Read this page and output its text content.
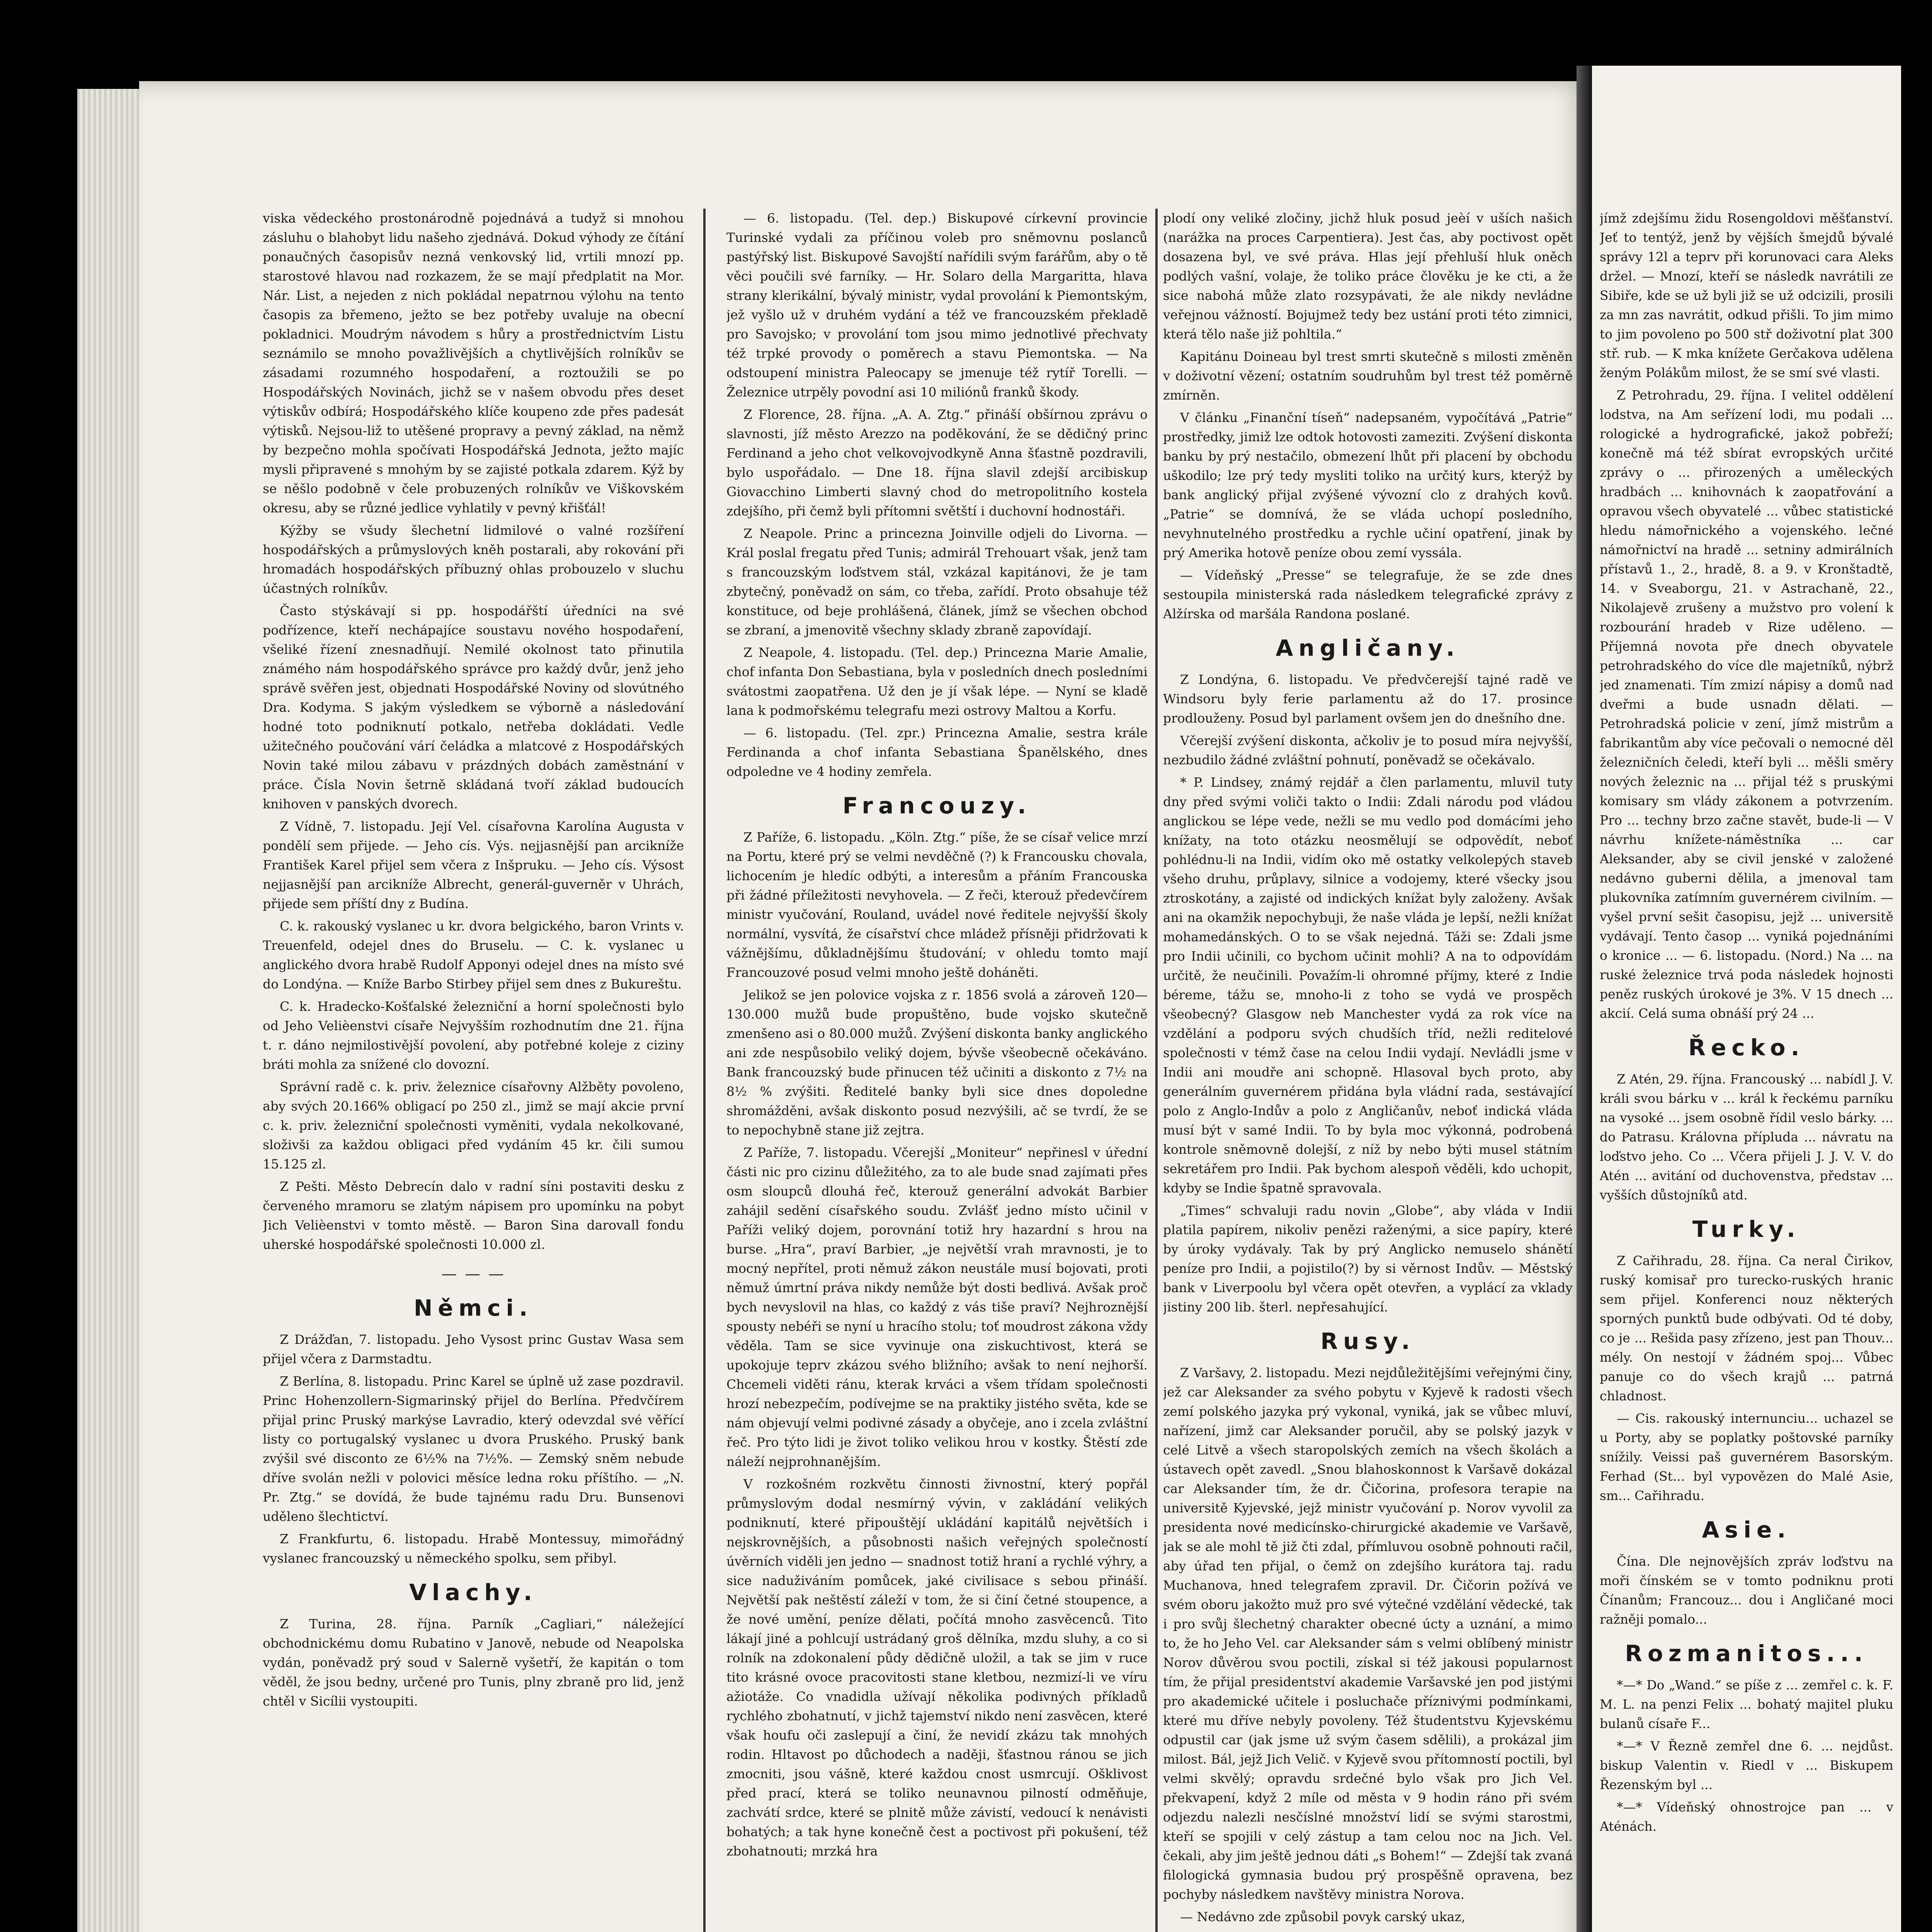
viska vědeckého prostonárodně pojednává a tudyž si mnohou zásluhu o blahobyt lidu našeho zjednává. Dokud výhody ze čítání ponaučných časopisův nezná venkovský lid, vrtili mnozí pp. starostové hlavou nad rozkazem, že se mají předplatit na Mor. Nár. List, a nejeden z nich pokládal nepatrnou výlohu na tento časopis za břemeno, ježto se bez potřeby uvaluje na obecní pokladnici. Moudrým návodem s hůry a prostřednictvím Listu seznámilo se mnoho považlivějších a chytlivějších rolníkův se zásadami rozumného hospodaření, a roztoužili se po Hospodářských Novinách, jichž se v našem obvodu přes deset výtiskův odbírá; Hospodářského klíče koupeno zde přes padesát výtisků. Nejsou-liž to utěšené propravy a pevný základ, na němž by bezpečno mohla spočívati Hospodářská Jednota, ježto majíc mysli připravené s mnohým by se zajisté potkala zdarem. Kýž by se něšlo podobně v čele probuzených rolníkův ve Viškovském okresu, aby se různé jedlice vyhlatily v pevný křišťál!

Kýžby se všudy šlechetní lidmilové o valné rozšíření hospodářských a průmyslových kněh postarali, aby rokování při hromadách hospodářských příbuzný ohlas probouzelo v sluchu účastných rolníkův.

Často stýskávají si pp. hospodářští úředníci na své podřízence, kteří nechápajíce soustavu nového hospodaření, všeliké řízení znesnadňují. Nemilé okolnost tato přinutila známého nám hospodářského správce pro každý dvůr, jenž jeho správě svěřen jest, objednati Hospodářské Noviny od slovútného Dra. Kodyma. S jakým výsledkem se výborně a následování hodné toto podniknutí potkalo, netřeba dokládati. Vedle užitečného poučování várí čeládka a mlatcové z Hospodářských Novin také milou zábavu v prázdných dobách zaměstnání v práce. Čísla Novin šetrně skládaná tvoří základ budoucích knihoven v panských dvorech.

Z Vídně, 7. listopadu. Její Vel. císařovna Karolína Augusta v pondělí sem přijede. — Jeho cís. Výs. nejjasnější pan arcikníže František Karel přijel sem včera z Inšpruku. — Jeho cís. Výsost nejjasnější pan arcikníže Albrecht, generál-guverněr v Uhrách, přijede sem příští dny z Budína.

C. k. rakouský vyslanec u kr. dvora belgického, baron Vrints v. Treuenfeld, odejel dnes do Bruselu. — C. k. vyslanec u anglického dvora hrabě Rudolf Apponyi odejel dnes na místo své do Londýna. — Kníže Barbo Stirbey přijel sem dnes z Bukureštu.

C. k. Hradecko-Košťalské železniční a horní společnosti bylo od Jeho Velièenstvi císaře Nejvyšším rozhodnutím dne 21. října t. r. dáno nejmilostivější povolení, aby potřebné koleje z ciziny bráti mohla za snížené clo dovozní.

Správní radě c. k. priv. železnice císařovny Alžběty povoleno, aby svých 20.166% obligací po 250 zl., jimž se mají akcie první c. k. priv. železniční společnosti vyměniti, vydala nekolkované, složivši za každou obligaci před vydáním 45 kr. čili sumou 15.125 zl.

Z Pešti. Město Debrecín dalo v radní síni postaviti desku z červeného mramoru se zlatým nápisem pro upomínku na pobyt Jich Velièenstvi v tomto městě. — Baron Sina darovall fondu uherské hospodářské společnosti 10.000 zl.

— — —
Němci.

Z Drážďan, 7. listopadu. Jeho Vysost princ Gustav Wasa sem přijel včera z Darmstadtu.

Z Berlína, 8. listopadu. Princ Karel se úplně už zase pozdravil. Princ Hohenzollern-Sigmarinský přijel do Berlína. Předvčírem přijal princ Pruský markýse Lavradio, který odevzdal své věřící listy co portugalský vyslanec u dvora Pruského. Pruský bank zvýšil své disconto ze 6½% na 7½%. — Zemský sněm nebude dříve svolán nežli v polovici měsíce ledna roku příštího. — „N. Pr. Ztg.“ se dovídá, že bude tajnému radu Dru. Bunsenovi uděleno šlechtictví.

Z Frankfurtu, 6. listopadu. Hrabě Montessuy, mimořádný vyslanec francouzský u německého spolku, sem přibyl.

Vlachy.

Z Turina, 28. října. Parník „Cagliari,“ náležející obchodnickému domu Rubatino v Janově, nebude od Neapolska vydán, poněvadž prý soud v Salerně vyšetří, že kapitán o tom věděl, že jsou bedny, určené pro Tunis, plny zbraně pro lid, jenž chtěl v Sicílii vystoupiti.

— 6. listopadu. (Tel. dep.) Biskupové církevní provincie Turinské vydali za příčinou voleb pro sněmovnu poslanců pastýřský list. Biskupové Savojští nařídili svým farářům, aby o tě věci poučili své farníky. — Hr. Solaro della Margaritta, hlava strany klerikální, bývalý ministr, vydal provolání k Piemontským, jež vyšlo už v druhém vydání a též ve francouzském překladě pro Savojsko; v provolání tom jsou mimo jednotlivé přechvaty též trpké provody o poměrech a stavu Piemontska. — Na odstoupení ministra Paleocapy se jmenuje též rytíř Torelli. — Železnice utrpěly povodní asi 10 miliónů franků škody.

Z Florence, 28. října. „A. A. Ztg.“ přináší obšírnou zprávu o slavnosti, jíž město Arezzo na poděkování, že se dědičný princ Ferdinand a jeho chot velkovojvodkyně Anna šťastně pozdravili, bylo uspořádalo. — Dne 18. října slavil zdejší arcibiskup Giovacchino Limberti slavný chod do metropolitního kostela zdejšího, při čemž byli přítomni světští i duchovní hodnostáři.

Z Neapole. Princ a princezna Joinville odjeli do Livorna. — Král poslal fregatu před Tunis; admirál Trehouart však, jenž tam s francouzským loďstvem stál, vzkázal kapitánovi, že je tam zbytečný, poněvadž on sám, co třeba, zařídí. Proto obsahuje též konstituce, od beje prohlášená, článek, jímž se všechen obchod se zbraní, a jmenovitě všechny sklady zbraně zapovídají.

Z Neapole, 4. listopadu. (Tel. dep.) Princezna Marie Amalie, chof infanta Don Sebastiana, byla v posledních dnech posledními svátostmi zaopatřena. Už den je jí však lépe. — Nyní se kladě lana k podmořskému telegrafu mezi ostrovy Maltou a Korfu.

— 6. listopadu. (Tel. zpr.) Princezna Amalie, sestra krále Ferdinanda a chof infanta Sebastiana Španělského, dnes odpoledne ve 4 hodiny zemřela.

Francouzy.

Z Paříže, 6. listopadu. „Köln. Ztg.“ píše, že se císař velice mrzí na Portu, které prý se velmi nevděčně (?) k Francousku chovala, lichocením je hledíc odbýti, a interesům a přáním Francouska při žádné příležitosti nevyhovela. — Z řeči, kterouž předevčírem ministr vyučování, Rouland, uvádel nové ředitele nejvyšší školy normální, vysvítá, že císařství chce mládež přísněji přidržovati k vážnějšímu, důkladnějšímu študování; v ohledu tomto mají Francouzové posud velmi mnoho ještě doháněti.

Jelikož se jen polovice vojska z r. 1856 svolá a zároveň 120—130.000 mužů bude propuštěno, bude vojsko skutečně zmenšeno asi o 80.000 mužů. Zvýšení diskonta banky anglického ani zde nespůsobilo veliký dojem, bývše všeobecně očekáváno. Bank francouzský bude přinucen též učiniti a diskonto z 7½ na 8½ % zvýšiti. Ředitelé banky byli sice dnes dopoledne shromážděni, avšak diskonto posud nezvýšili, ač se tvrdí, že se to nepochybně stane již zejtra.

Z Paříže, 7. listopadu. Včerejší „Moniteur“ nepřinesl v úřední části nic pro cizinu důležitého, za to ale bude snad zajímati přes osm sloupců dlouhá řeč, kterouž generální advokát Barbier zahájil sedění císařského soudu. Zvlášť jedno místo učinil v Paříži veliký dojem, porovnání totiž hry hazardní s hrou na burse. „Hra“, praví Barbier, „je největší vrah mravnosti, je to mocný nepřítel, proti němuž zákon neustále musí bojovati, proti němuž úmrtní práva nikdy nemůže být dosti bedlivá. Avšak proč bych nevyslovil na hlas, co každý z vás tiše praví? Nejhroznější spousty nebéři se nyní u hracího stolu; toť moudrost zákona vždy věděla. Tam se sice vyvinuje ona ziskuchtivost, která se upokojuje teprv zkázou svého bližního; avšak to není nejhorší. Chcemeli viděti ránu, kterak krváci a všem třídam společnosti hrozí nebezpečím, podívejme se na praktiky jistého světa, kde se nám objevují velmi podivné zásady a obyčeje, ano i zcela zvláštní řeč. Pro týto lidi je život toliko velikou hrou v kostky. Štěstí zde náleží nejprohnanějším.

V rozkošném rozkvětu činnosti živnostní, který popřál průmyslovým dodal nesmírný vývin, v zakládání velikých podniknutí, které připouštějí ukládání kapitálů největších i nejskrovnějších, a působnosti našich veřejných společností úvěrních viděli jen jedno — snadnost totiž hraní a rychlé výhry, a sice naduživáním pomůcek, jaké civilisace s sebou přináší. Největší pak neštěstí záleží v tom, že si činí četné stoupence, a že nové umění, peníze dělati, počítá mnoho zasvěcenců. Tito lákají jiné a pohlcují ustrádaný groš dělníka, mzdu sluhy, a co si rolník na zdokonalení půdy dědičně uložil, a tak se jim v ruce tito krásné ovoce pracovitosti stane kletbou, nezmizí-li ve víru ažiotáže. Co vnadidla užívají několika podivných příkladů rychlého zbohatnutí, v jichž tajemství nikdo není zasvěcen, které však houfu oči zaslepují a činí, že nevidí zkázu tak mnohých rodin. Hltavost po důchodech a naději, šťastnou ránou se jich zmocniti, jsou vášně, které každou cnost usmrcují. Ošklivost před prací, která se toliko neunavnou pilností odměňuje, zachvátí srdce, které se plnitě může závistí, vedoucí k nenávisti bohatých; a tak hyne konečně čest a poctivost při pokušení, též zbohatnouti; mrzká hra

plodí ony veliké zločiny, jichž hluk posud jeèí v uších našich (narážka na proces Carpentiera). Jest čas, aby poctivost opět dosazena byl, ve své práva. Hlas její přehluší hluk oněch podlých vašní, volaje, že toliko práce člověku je ke cti, a že sice nabohá může zlato rozsypávati, že ale nikdy nevládne veřejnou vážností. Bojujmež tedy bez ustání proti této zimnici, která tělo naše již pohltila.“

Kapitánu Doineau byl trest smrti skutečně s milosti změněn v doživotní vězení; ostatním soudruhům byl trest též poměrně zmírněn.

V článku „Finanční tíseň“ nadepsaném, vypočítává „Patrie“ prostředky, jimiž lze odtok hotovosti zameziti. Zvýšení diskonta banku by prý nestačilo, obmezení lhůt při placení by obchodu uškodilo; lze prý tedy mysliti toliko na určitý kurs, kterýž by bank anglický přijal zvýšené vývozní clo z drahých kovů. „Patrie“ se domnívá, že se vláda uchopí posledního, nevyhnutelného prostředku a rychle učiní opatření, jinak by prý Amerika hotově peníze obou zemí vyssála.

— Vídeňský „Presse“ se telegrafuje, že se zde dnes sestoupila ministerská rada následkem telegrafické zprávy z Alžírska od maršála Randona poslané.

Angličany.

Z Londýna, 6. listopadu. Ve předvčerejší tajné radě ve Windsoru byly ferie parlamentu až do 17. prosince prodlouženy. Posud byl parlament ovšem jen do dnešního dne.

Včerejší zvýšení diskonta, ačkoliv je to posud míra nejvyšší, nezbudilo žádné zvláštní pohnutí, poněvadž se očekávalo.

* P. Lindsey, známý rejdář a člen parlamentu, mluvil tuty dny před svými voliči takto o Indii: Zdali národu pod vládou anglickou se lépe vede, nežli se mu vedlo pod domácími jeho knížaty, na toto otázku neosmělují se odpovědít, neboť pohlédnu-li na Indii, vidím oko mě ostatky velkolepých staveb všeho druhu, průplavy, silnice a vodojemy, které všecky jsou ztroskotány, a zajisté od indických knížat byly založeny. Avšak ani na okamžik nepochybuji, že naše vláda je lepší, nežli knížat mohamedánských. O to se však nejedná. Táži se: Zdali jsme pro Indii učinili, co bychom učinit mohli? A na to odpovídám určitě, že neučinili. Považím-li ohromné příjmy, které z Indie béreme, tážu se, mnoho-li z toho se vydá ve prospěch všeobecný? Glasgow neb Manchester vydá za rok více na vzdělání a podporu svých chudších tříd, nežli reditelové společnosti v témž čase na celou Indii vydají. Nevládli jsme v Indii ani moudře ani schopně. Hlasoval bych proto, aby generálním guvernérem přidána byla vládní rada, sestávající polo z Anglo-Indův a polo z Angličanův, neboť indická vláda musí být v samé Indii. To by byla moc výkonná, podrobená kontrole sněmovně dolejší, z níž by nebo býti musel státním sekretářem pro Indii. Pak bychom alespoň věděli, kdo uchopit, kdyby se Indie špatně spravovala.

„Times“ schvaluji radu novin „Globe“, aby vláda v Indii platila papírem, nikoliv penězi raženými, a sice papíry, které by úroky vydávaly. Tak by prý Anglicko nemuselo shánětí peníze pro Indii, a pojistilo(?) by si věrnost Indův. — Městský bank v Liverpoolu byl včera opět otevřen, a vyplácí za vklady jistiny 200 lib. šterl. nepřesahující.

Rusy.

Z Varšavy, 2. listopadu. Mezi nejdůležitějšími veřejnými činy, jež car Aleksander za svého pobytu v Kyjevě k radosti všech zemí polského jazyka prý vykonal, vyniká, jak se vůbec mluví, nařízení, jimž car Aleksander poručil, aby se polský jazyk v celé Litvě a všech staropolských zemích na všech školách a ústavech opět zavedl. „Snou blahoskonnost k Varšavě dokázal car Aleksander tím, že dr. Čičorina, profesora terapie na universitě Kyjevské, jejž ministr vyučování p. Norov vyvolil za presidenta nové medicínsko-chirurgické akademie ve Varšavě, jak se ale mohl tě již čti zdal, přímluvou osobně pohnouti račil, aby úřad ten přijal, o čemž on zdejšího kurátora taj. radu Muchanova, hned telegrafem zpravil. Dr. Čičorin požívá ve svém oboru jakožto muž pro své výtečné vzdělání vědecké, tak i pro svůj šlechetný charakter obecné úcty a uznání, a mimo to, že ho Jeho Vel. car Aleksander sám s velmi oblíbený ministr Norov důvěrou svou poctili, získal si též jakousi popularnost tím, že přijal presidentství akademie Varšavské jen pod jistými pro akademické učitele i posluchače příznivými podmínkami, které mu dříve nebyly povoleny. Též študentstvu Kyjevskému odpustil car (jak jsme už svým časem sdělili), a prokázal jim milost. Bál, jejž Jich Velič. v Kyjevě svou přítomností poctili, byl velmi skvělý; opravdu srdečné bylo však pro Jich Vel. překvapení, když 2 míle od města v 9 hodin ráno při svém odjezdu nalezli nesčíslné množství lidí se svými starostmi, kteří se spojili v celý zástup a tam celou noc na Jich. Vel. čekali, aby jim ještě jednou dáti „s Bohem!“ — Zdejší tak zvaná filologická gymnasia budou prý prospěšně opravena, bez pochyby následkem navštěvy ministra Norova.

— Nedávno zde způsobil povyk carský ukaz,

jímž zdejšímu židu Rosengoldovi měšťanství. Jeť to tentýž, jenž by vějších šmejdů bývalé správy 12l a teprv při korunovaci cara Aleks držel. — Mnozí, kteří se následk navrátili ze Sibiře, kde se už byli již se už odcizili, prosili za mn zas navrátit, odkud přišli. To jim mimo to jim povoleno po 500 stř doživotní plat 300 stř. rub. — K mka knížete Gerčakova udělena ženým Polákům milost, že se smí své vlasti.

Z Petrohradu, 29. října. I velitel oddělení lodstva, na Am seřízení lodi, mu podali ... rologické a hydrografické, jakož pobřeží; konečně má též sbírat evropských určité zprávy o ... přirozených a uměleckých hradbách ... knihovnách k zaopatřování a opravou všech obyvatelé ... vůbec statistické hledu námořnického a vojenského. lečné námořnictví na hradě ... setniny admirálních přístavů 1., 2., hradě, 8. a 9. v Kronštadtě, 14. v Sveaborgu, 21. v Astrachaně, 22., Nikolajevě zrušeny a mužstvo pro volení k rozbourání hradeb v Rize uděleno. — Příjemná novota pře dnech obyvatele petrohradského do více dle majetníků, nýbrž jed znamenati. Tím zmizí nápisy a domů nad dveřmi a bude usnadn dělati. — Petrohradská policie v zení, jímž mistrům a fabrikantům aby více pečovali o nemocné děl železničních čeledi, kteří byli ... měšli směry nových železnic na ... přijal též s pruskými komisary sm vlády zákonem a potvrzením. Pro ... techny brzo začne stavět, bude-li — V návrhu knížete-náměstníka ... car Aleksander, aby se civil jenské v založené nedávno guberni dělila, a jmenoval tam plukovníka zatímním guvernérem civilním. — vyšel první sešit časopisu, jejž ... universitě vydávají. Tento časop ... vyniká pojednáními o kronice ... — 6. listopadu. (Nord.) Na ... na ruské železnice trvá poda následek hojnosti peněz ruských úrokové je 3%. V 15 dnech ... akcií. Celá suma obnáší prý 24 ...

Řecko.

Z Atén, 29. října. Francouský ... nabídl J. V. králi svou bárku v ... král k řeckému parníku na vysoké ... jsem osobně řídil veslo bárky. ... do Patrasu. Královna přípluda ... návratu na loďstvo jeho. Co ... Včera přijeli J. J. V. V. do Atén ... avitání od duchovenstva, představ ... vyšších důstojníků atd.

Turky.

Z Cařihradu, 28. října. Ca neral Čirikov, ruský komisař pro turecko-ruských hranic sem přijel. Konferenci nouz některých sporných punktů bude odbývati. Od té doby, co je ... Rešida pasy zřízeno, jest pan Thouv... mély. On nestojí v žádném spoj... Vůbec panuje co do všech krajů ... patrná chladnost.

— Cis. rakouský internunciu... uchazel se u Porty, aby se poplatky poštovské parníky snížily. Veissi paš guvernérem Basorským. Ferhad (St... byl vypovězen do Malé Asie, sm... Cařihradu.

Asie.

Čína. Dle nejnovějších zpráv loďstvu na moři čínském se v tomto podniknu proti Čínanům; Francouz... dou i Angličané moci ražněji pomalo...

Rozmanitos...

*—* Do „Wand.“ se píše z ... zemřel c. k. F. M. L. na penzi Felix ... bohatý majitel pluku bulanů císaře F...

*—* V Řezně zemřel dne 6. ... nejdůst. biskup Valentin v. Riedl v ... Biskupem Řezenským byl ...

*—* Vídeňský ohnostrojce pan ... v Aténách.
